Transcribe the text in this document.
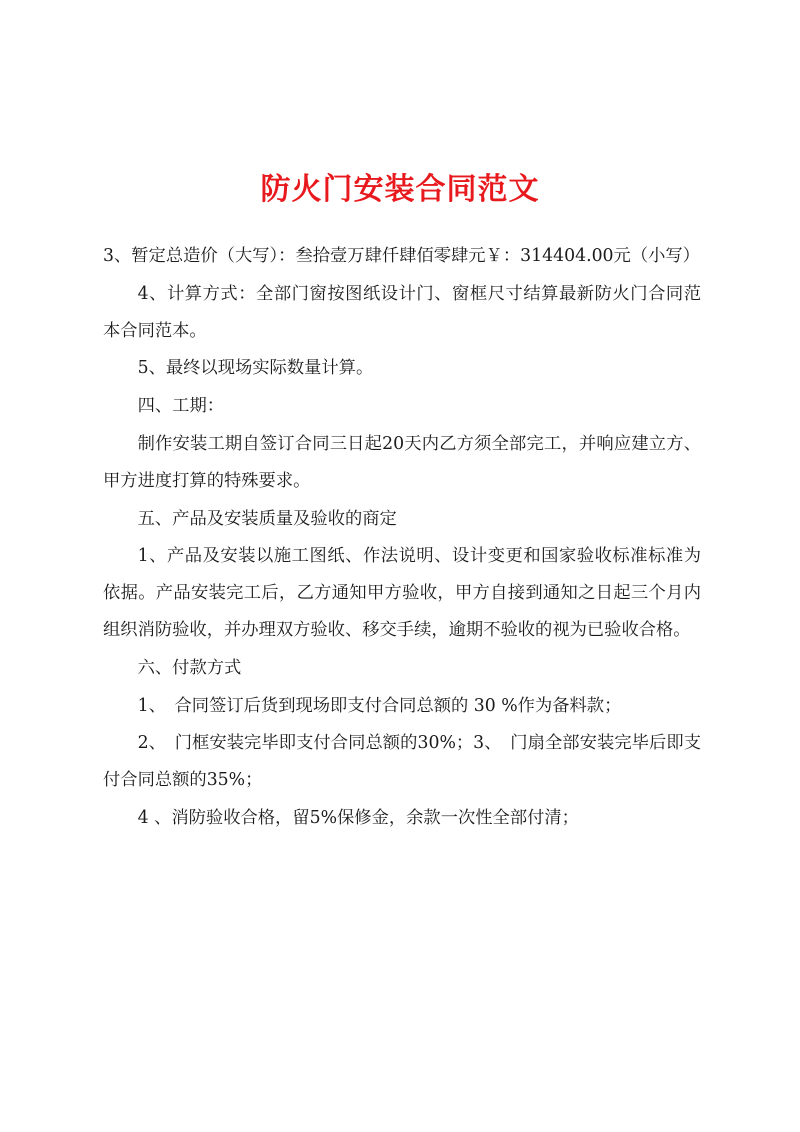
防火门安装合同范文

3、暂定总造价（大写）：叁拾壹万肆仟肆佰零肆元￥：314404.00元（小写）

4、计算方式：全部门窗按图纸设计门、窗框尺寸结算最新防火门合同范本合同范本。

5、最终以现场实际数量计算。

四、工期：

制作安装工期自签订合同三日起20天内乙方须全部完工，并响应建立方、甲方进度打算的特殊要求。

五、产品及安装质量及验收的商定

1、产品及安装以施工图纸、作法说明、设计变更和国家验收标准标准为依据。产品安装完工后，乙方通知甲方验收，甲方自接到通知之日起三个月内组织消防验收，并办理双方验收、移交手续，逾期不验收的视为已验收合格。

六、付款方式

1、　合同签订后货到现场即支付合同总额的 30 %作为备料款；

2、　门框安装完毕即支付合同总额的30%；3、　门扇全部安装完毕后即支付合同总额的35%；

4 、消防验收合格，留5%保修金，余款一次性全部付清；
